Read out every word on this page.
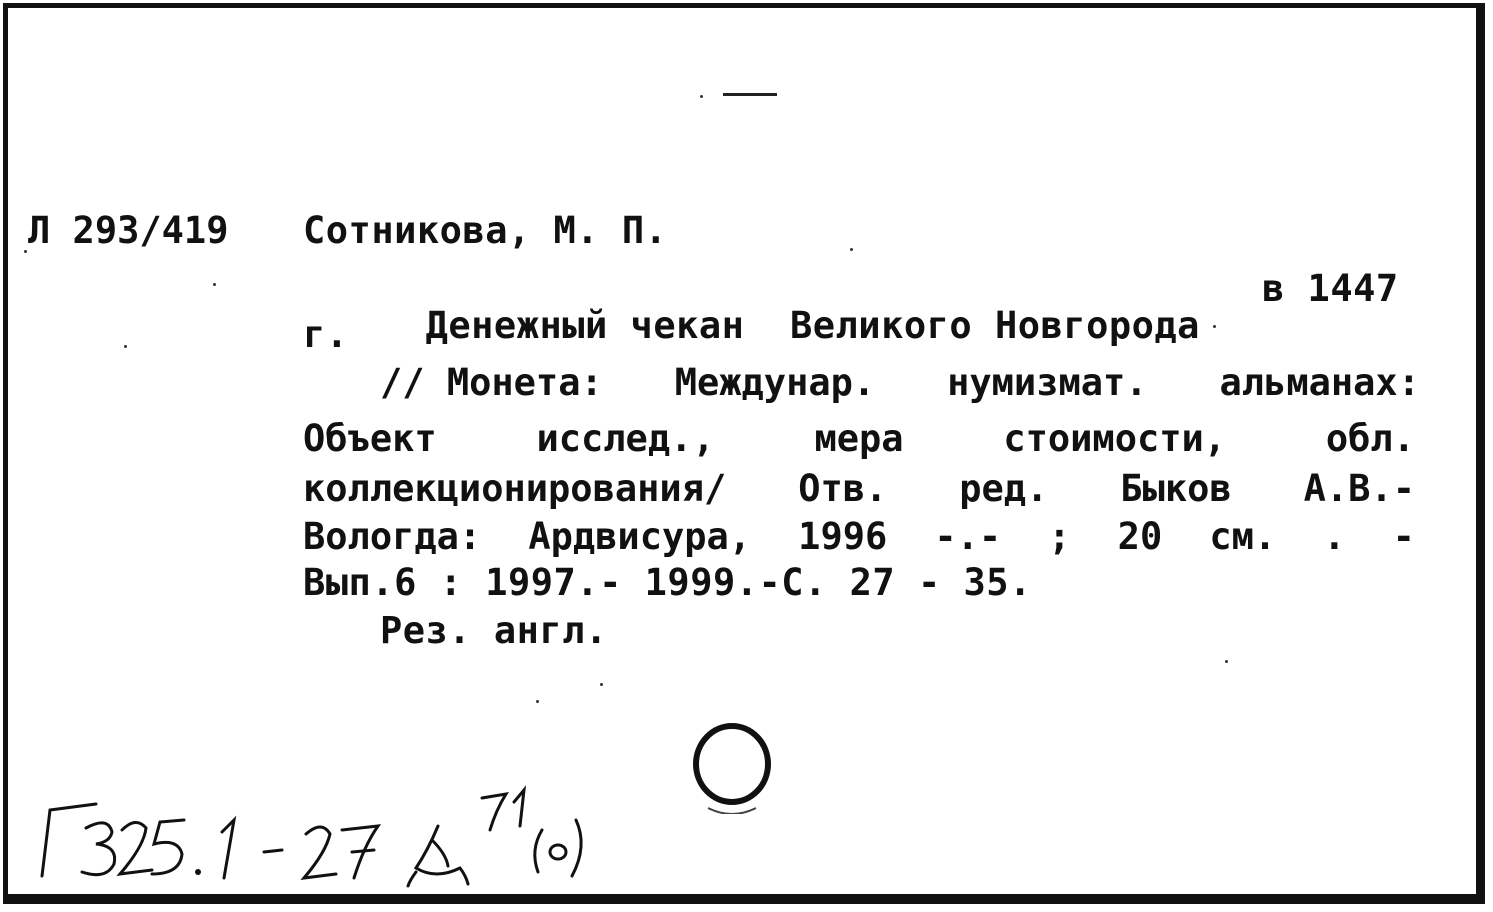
Л 293/419 Сотникова, М. П.

Денежный чекан  Великого Новгорода

в 1447

г.
// Монета: Междунар. нумизмат. альманах:
Объект	исслед.,	мера	стоимости,	обл.
коллекционирования/ Отв. ред. Быков А.В.-
Вологда: Ардвисура, 1996 -.- ; 20 см. . -
Вып.6 : 1997.- 1999.-С. 27 - 35.
Рез. англ.
